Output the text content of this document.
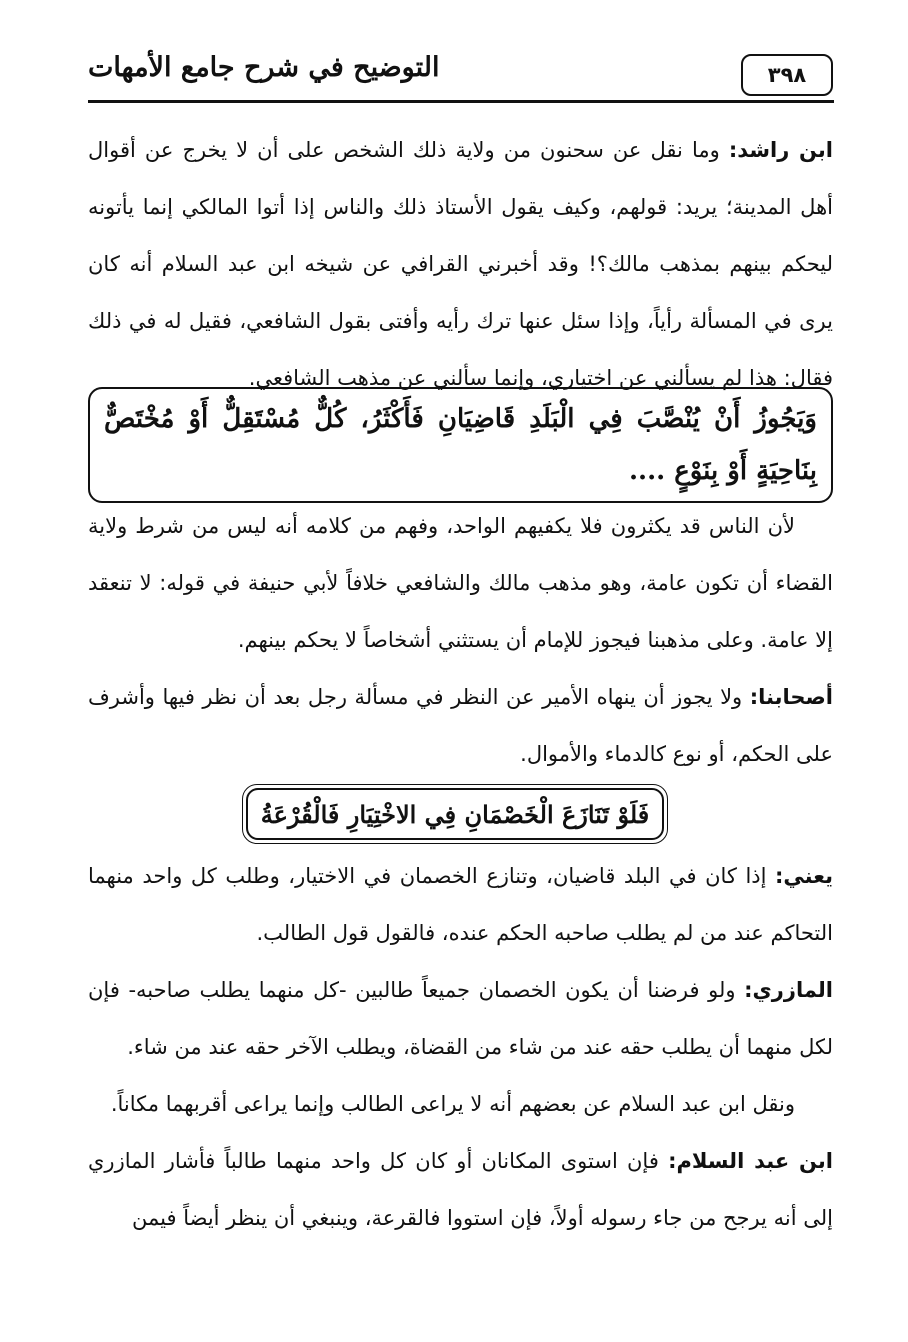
٣٩٨
التوضيح في شرح جامع الأمهات

ابن راشد: وما نقل عن سحنون من ولاية ذلك الشخص على أن لا يخرج عن أقوال أهل المدينة؛ يريد: قولهم، وكيف يقول الأستاذ ذلك والناس إذا أتوا المالكي إنما يأتونه ليحكم بينهم بمذهب مالك؟! وقد أخبرني القرافي عن شيخه ابن عبد السلام أنه كان يرى في المسألة رأياً، وإذا سئل عنها ترك رأيه وأفتى بقول الشافعي، فقيل له في ذلك فقال: هذا لم يسألني عن اختياري، وإنما سألني عن مذهب الشافعي.

وَيَجُوزُ أَنْ يُنْصَّبَ فِي الْبَلَدِ قَاضِيَانِ فَأَكْثَرُ، كُلٌّ مُسْتَقِلٌّ أَوْ مُخْتَصٌّ بِنَاحِيَةٍ أَوْ بِنَوْعٍ ....

لأن الناس قد يكثرون فلا يكفيهم الواحد، وفهم من كلامه أنه ليس من شرط ولاية القضاء أن تكون عامة، وهو مذهب مالك والشافعي خلافاً لأبي حنيفة في قوله: لا تنعقد إلا عامة. وعلى مذهبنا فيجوز للإمام أن يستثني أشخاصاً لا يحكم بينهم.

أصحابنا: ولا يجوز أن ينهاه الأمير عن النظر في مسألة رجل بعد أن نظر فيها وأشرف على الحكم، أو نوع كالدماء والأموال.

فَلَوْ تَنَازَعَ الْخَصْمَانِ فِي الاخْتِيَارِ فَالْقُرْعَةُ

يعني: إذا كان في البلد قاضيان، وتنازع الخصمان في الاختيار، وطلب كل واحد منهما التحاكم عند من لم يطلب صاحبه الحكم عنده، فالقول قول الطالب.

المازري: ولو فرضنا أن يكون الخصمان جميعاً طالبين -كل منهما يطلب صاحبه- فإن لكل منهما أن يطلب حقه عند من شاء من القضاة، ويطلب الآخر حقه عند من شاء.

ونقل ابن عبد السلام عن بعضهم أنه لا يراعى الطالب وإنما يراعى أقربهما مكاناً.

ابن عبد السلام: فإن استوى المكانان أو كان كل واحد منهما طالباً فأشار المازري إلى أنه يرجح من جاء رسوله أولاً، فإن استووا فالقرعة، وينبغي أن ينظر أيضاً فيمن
